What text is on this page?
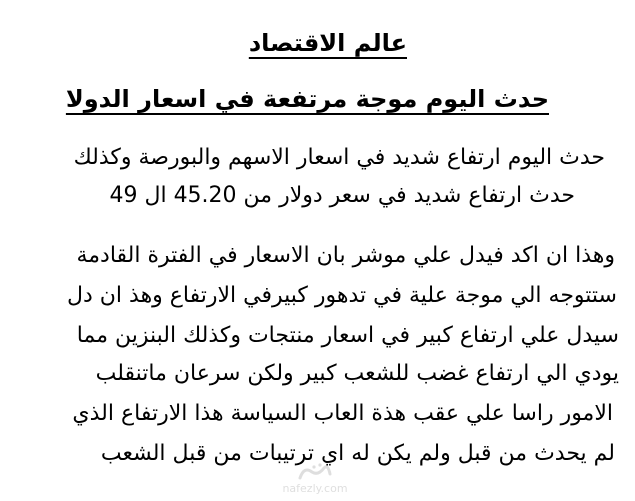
عالم الاقتصاد
حدث اليوم موجة مرتفعة في اسعار الدولا
حدث اليوم ارتفاع شديد في اسعار الاسهم والبورصة وكذلك
حدث ارتفاع شديد في سعر دولار من 45.20 ال 49
وهذا ان اكد فيدل علي موشر بان الاسعار في الفترة القادمة
ستتوجه الي موجة علية في تدهور كبيرفي الارتفاع وهذ ان دل
سيدل علي ارتفاع كبير في اسعار منتجات وكذلك البنزين مما
يودي الي ارتفاع غضب للشعب كبير ولكن سرعان ماتنقلب
الامور راسا علي عقب هذة العاب السياسة هذا الارتفاع الذي
لم يحدث من قبل ولم يكن له اي ترتيبات من قبل الشعب
nafezly.com
